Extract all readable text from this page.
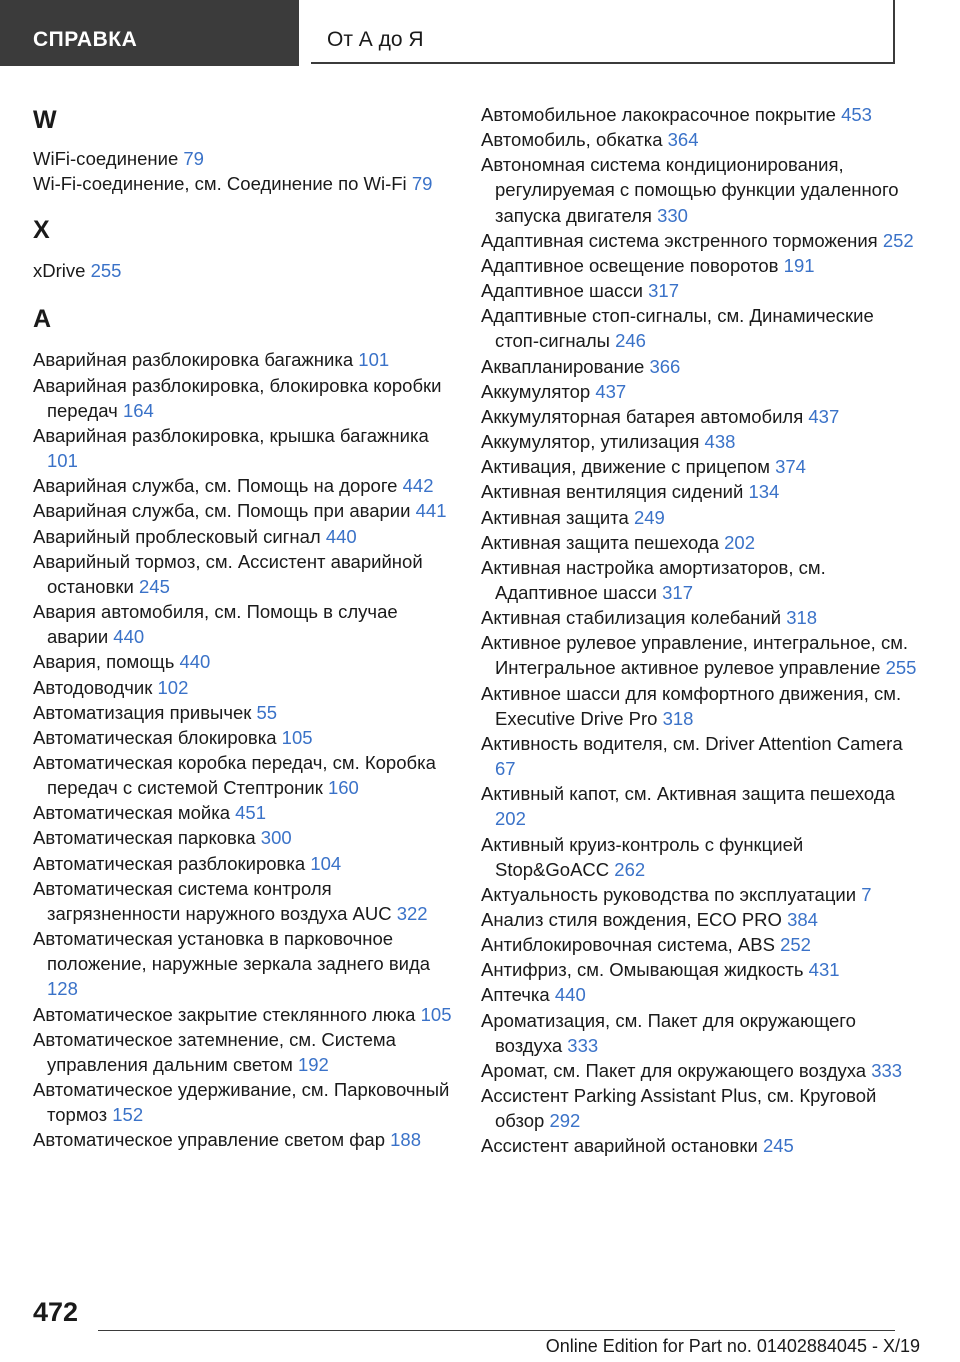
СПРАВКА	От А до Я
W

WiFi-соединение 79

Wi-Fi-соединение, см. Соединение по Wi-Fi 79

X

xDrive 255

A

Аварийная разблокировка багажника 101

Аварийная разблокировка, блокировка коробки передач 164

Аварийная разблокировка, крышка багажника 101

Аварийная служба, см. Помощь на дороге 442

Аварийная служба, см. Помощь при аварии 441

Аварийный проблесковый сигнал 440

Аварийный тормоз, см. Ассистент аварийной остановки 245

Авария автомобиля, см. Помощь в случае аварии 440

Авария, помощь 440

Автодоводчик 102

Автоматизация привычек 55

Автоматическая блокировка 105

Автоматическая коробка передач, см. Коробка передач с системой Стептроник 160

Автоматическая мойка 451

Автоматическая парковка 300

Автоматическая разблокировка 104

Автоматическая система контроля загрязненности наружного воздуха AUC 322

Автоматическая установка в парковочное положение, наружные зеркала заднего вида 128

Автоматическое закрытие стеклянного люка 105

Автоматическое затемнение, см. Система управления дальним светом 192

Автоматическое удерживание, см. Парковочный тормоз 152

Автоматическое управление светом фар 188

Автомобильное лакокрасочное покрытие 453

Автомобиль, обкатка 364

Автономная система кондиционирования, регулируемая с помощью функции удаленного запуска двигателя 330

Адаптивная система экстренного торможения 252

Адаптивное освещение поворотов 191

Адаптивное шасси 317

Адаптивные стоп-сигналы, см. Динамические стоп-сигналы 246

Аквапланирование 366

Аккумулятор 437

Аккумуляторная батарея автомобиля 437

Аккумулятор, утилизация 438

Активация, движение с прицепом 374

Активная вентиляция сидений 134

Активная защита 249

Активная защита пешехода 202

Активная настройка амортизаторов, см. Адаптивное шасси 317

Активная стабилизация колебаний 318

Активное рулевое управление, интегральное, см. Интегральное активное рулевое управление 255

Активное шасси для комфортного движения, см. Executive Drive Pro 318

Активность водителя, см. Driver Attention Camera 67

Активный капот, см. Активная защита пешехода 202

Активный круиз-контроль с функцией Stop&GoACC 262

Актуальность руководства по эксплуатации 7

Анализ стиля вождения, ECO PRO 384

Антиблокировочная система, ABS 252

Антифриз, см. Омывающая жидкость 431

Аптечка 440

Ароматизация, см. Пакет для окружающего воздуха 333

Аромат, см. Пакет для окружающего воздуха 333

Ассистент Parking Assistant Plus, см. Круговой обзор 292

Ассистент аварийной остановки 245

472
Online Edition for Part no. 01402884045 - X/19
